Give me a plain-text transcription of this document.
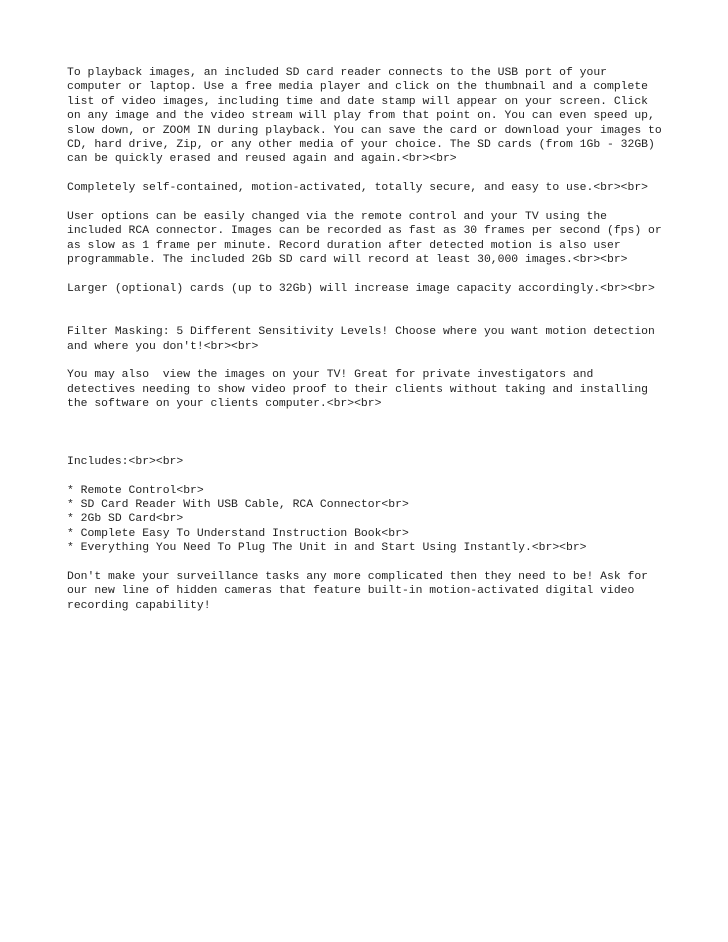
To playback images, an included SD card reader connects to the USB port of your computer or laptop. Use a free media player and click on the thumbnail and a complete list of video images, including time and date stamp will appear on your screen. Click on any image and the video stream will play from that point on. You can even speed up, slow down, or ZOOM IN during playback. You can save the card or download your images to CD, hard drive, Zip, or any other media of your choice. The SD cards (from 1Gb - 32GB) can be quickly erased and reused again and again.<br><br>

Completely self-contained, motion-activated, totally secure, and easy to use.<br><br>

User options can be easily changed via the remote control and your TV using the included RCA connector. Images can be recorded as fast as 30 frames per second (fps) or as slow as 1 frame per minute. Record duration after detected motion is also user programmable. The included 2Gb SD card will record at least 30,000 images.<br><br>

Larger (optional) cards (up to 32Gb) will increase image capacity accordingly.<br><br>

Filter Masking: 5 Different Sensitivity Levels! Choose where you want motion detection and where you don't!<br><br>

You may also  view the images on your TV! Great for private investigators and detectives needing to show video proof to their clients without taking and installing the software on your clients computer.<br><br>

Includes:<br><br>

* Remote Control<br>

* SD Card Reader With USB Cable, RCA Connector<br>

* 2Gb SD Card<br>

* Complete Easy To Understand Instruction Book<br>

* Everything You Need To Plug The Unit in and Start Using Instantly.<br><br>

Don't make your surveillance tasks any more complicated then they need to be! Ask for our new line of hidden cameras that feature built-in motion-activated digital video recording capability!
